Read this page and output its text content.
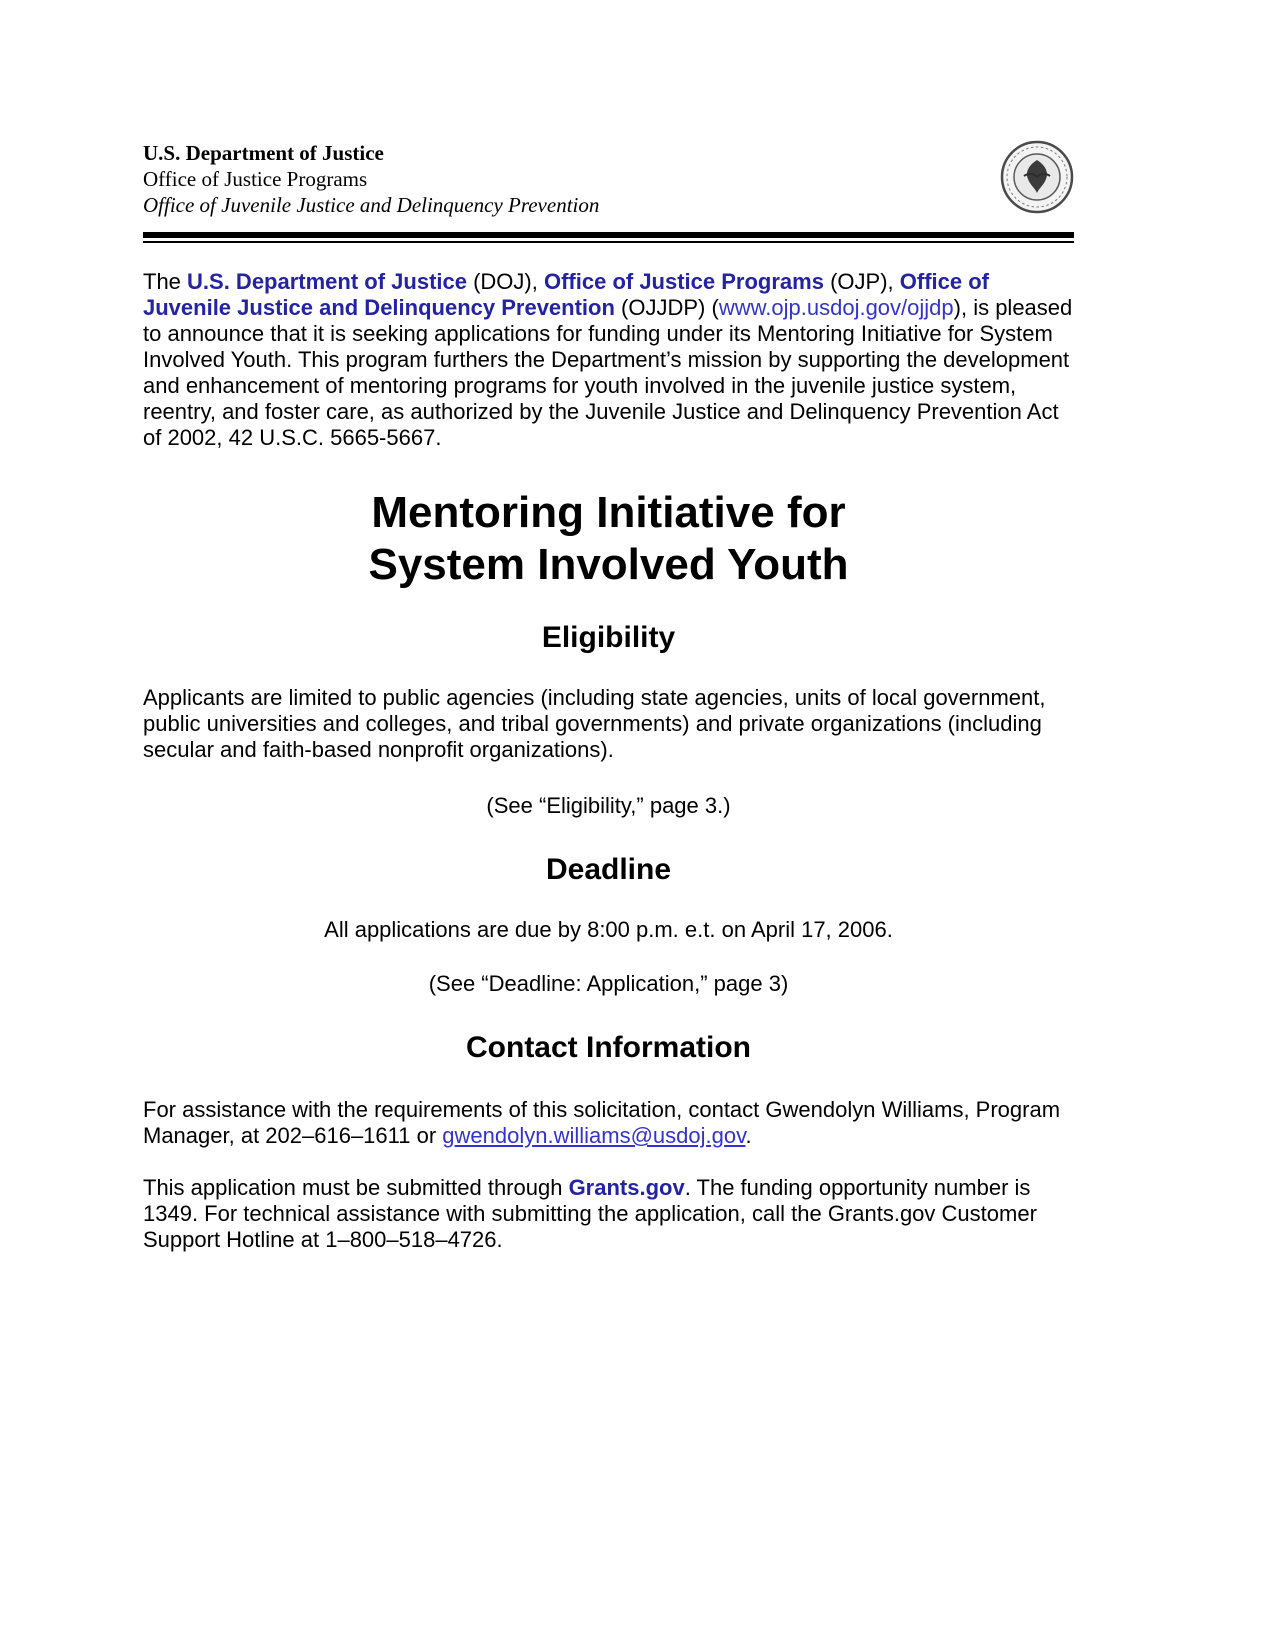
U.S. Department of Justice
Office of Justice Programs
Office of Juvenile Justice and Delinquency Prevention
The U.S. Department of Justice (DOJ), Office of Justice Programs (OJP), Office of Juvenile Justice and Delinquency Prevention (OJJDP) (www.ojp.usdoj.gov/ojjdp), is pleased to announce that it is seeking applications for funding under its Mentoring Initiative for System Involved Youth. This program furthers the Department’s mission by supporting the development and enhancement of mentoring programs for youth involved in the juvenile justice system, reentry, and foster care, as authorized by the Juvenile Justice and Delinquency Prevention Act of 2002, 42 U.S.C. 5665-5667.
Mentoring Initiative for
System Involved Youth
Eligibility
Applicants are limited to public agencies (including state agencies, units of local government, public universities and colleges, and tribal governments) and private organizations (including secular and faith-based nonprofit organizations).
(See “Eligibility,” page 3.)
Deadline
All applications are due by 8:00 p.m. e.t. on April 17, 2006.
(See “Deadline: Application,” page 3)
Contact Information
For assistance with the requirements of this solicitation, contact Gwendolyn Williams, Program Manager, at 202–616–1611 or gwendolyn.williams@usdoj.gov.
This application must be submitted through Grants.gov. The funding opportunity number is 1349. For technical assistance with submitting the application, call the Grants.gov Customer Support Hotline at 1–800–518–4726.
